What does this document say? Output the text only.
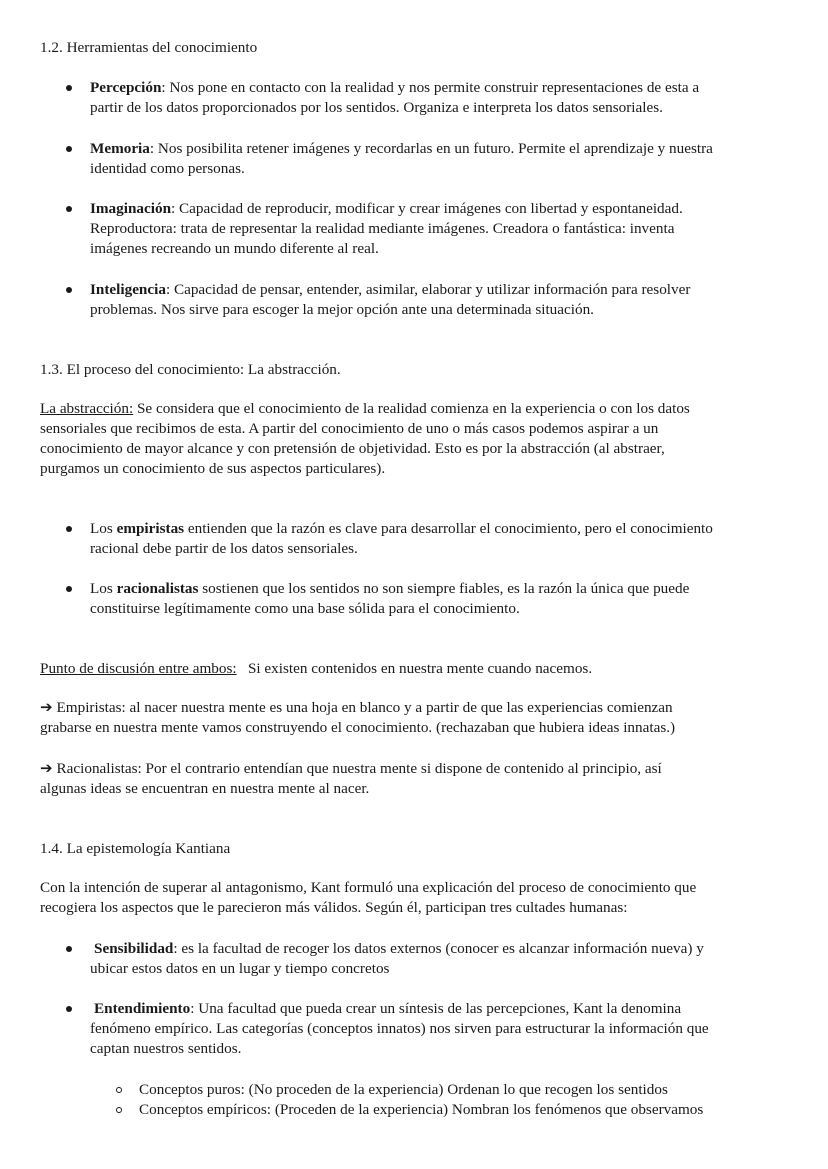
1.2. Herramientas del conocimiento
Percepción: Nos pone en contacto con la realidad y nos permite construir representaciones de esta a
partir de los datos proporcionados por los sentidos. Organiza e interpreta los datos sensoriales.
Memoria: Nos posibilita retener imágenes y recordarlas en un futuro. Permite el aprendizaje y nuestra
identidad como personas.
Imaginación: Capacidad de reproducir, modificar y crear imágenes con libertad y espontaneidad.
Reproductora: trata de representar la realidad mediante imágenes. Creadora o fantástica: inventa
imágenes recreando un mundo diferente al real.
Inteligencia: Capacidad de pensar, entender, asimilar, elaborar y utilizar información para resolver
problemas. Nos sirve para escoger la mejor opción ante una determinada situación.
1.3. El proceso del conocimiento: La abstracción.
La abstracción: Se considera que el conocimiento de la realidad comienza en la experiencia o con los datos
sensoriales que recibimos de esta. A partir del conocimiento de uno o más casos podemos aspirar a un
conocimiento de mayor alcance y con pretensión de objetividad. Esto es por la abstracción (al abstraer,
purgamos un conocimiento de sus aspectos particulares).
Los empiristas entienden que la razón es clave para desarrollar el conocimiento, pero el conocimiento
racional debe partir de los datos sensoriales.
Los racionalistas sostienen que los sentidos no son siempre fiables, es la razón la única que puede
constituirse legítimamente como una base sólida para el conocimiento.
Punto de discusión entre ambos:   Si existen contenidos en nuestra mente cuando nacemos.
➔ Empiristas: al nacer nuestra mente es una hoja en blanco y a partir de que las experiencias comienzan
grabarse en nuestra mente vamos construyendo el conocimiento. (rechazaban que hubiera ideas innatas.)
➔ Racionalistas: Por el contrario entendían que nuestra mente si dispone de contenido al principio, así
algunas ideas se encuentran en nuestra mente al nacer.
1.4. La epistemología Kantiana
Con la intención de superar al antagonismo, Kant formuló una explicación del proceso de conocimiento que
recogiera los aspectos que le parecieron más válidos. Según él, participan tres cultades humanas:
Sensibilidad: es la facultad de recoger los datos externos (conocer es alcanzar información nueva) y
ubicar estos datos en un lugar y tiempo concretos
Entendimiento: Una facultad que pueda crear un síntesis de las percepciones, Kant la denomina
fenómeno empírico. Las categorías (conceptos innatos) nos sirven para estructurar la información que
captan nuestros sentidos.
Conceptos puros: (No proceden de la experiencia) Ordenan lo que recogen los sentidos
Conceptos empíricos: (Proceden de la experiencia) Nombran los fenómenos que observamos
